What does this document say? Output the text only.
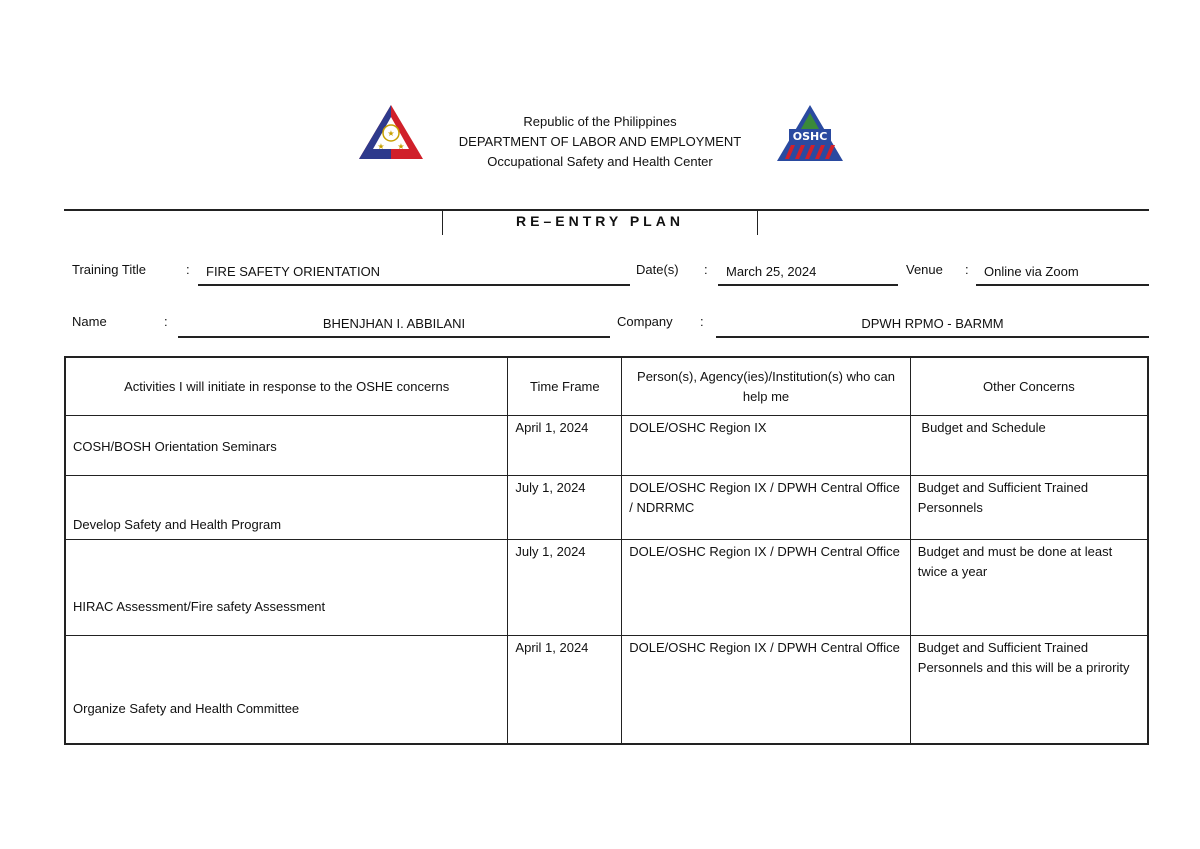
★
★ ★
Republic of the Philippines
DEPARTMENT OF LABOR AND EMPLOYMENT
Occupational Safety and Health Center
OSHC
RE–ENTRY PLAN
Training Title	:	FIRE SAFETY ORIENTATION	Date(s) :	March 25, 2024	Venue :	Online via Zoom
Name	:	BHENJHAN I. ABBILANI	Company :	DPWH RPMO - BARMM
Activities I will initiate in response to the OSHE concerns	Time Frame	Person(s), Agency(ies)/Institution(s) who can help me	Other Concerns
COSH/BOSH Orientation Seminars	April 1, 2024	DOLE/OSHC Region IX	Budget and Schedule
Develop Safety and Health Program	July 1, 2024	DOLE/OSHC Region IX / DPWH Central Office / NDRRMC	Budget and Sufficient Trained Personnels
HIRAC Assessment/Fire safety Assessment	July 1, 2024	DOLE/OSHC Region IX / DPWH Central Office	Budget and must be done at least twice a year
Organize Safety and Health Committee	April 1, 2024	DOLE/OSHC Region IX / DPWH Central Office	Budget and Sufficient Trained Personnels and this will be a prirority
